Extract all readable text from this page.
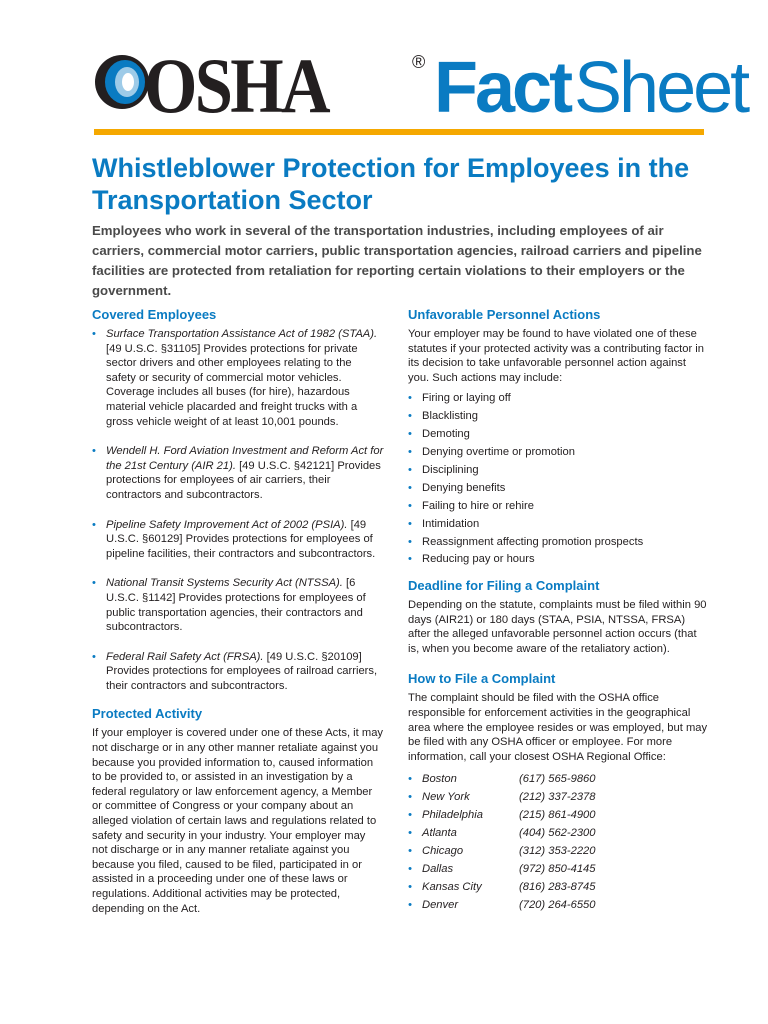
OSHA	® Fact Sheet
Whistleblower Protection for Employees in the Transportation Sector
Employees who work in several of the transportation industries, including employees of air carriers, commercial motor carriers, public transportation agencies, railroad carriers and pipeline facilities are protected from retaliation for reporting certain violations to their employers or the government.
Covered Employees
• Surface Transportation Assistance Act of 1982 (STAA). [49 U.S.C. §31105] Provides protections for private sector drivers and other employees relating to the safety or security of commercial motor vehicles. Coverage includes all buses (for hire), hazardous material vehicle placarded and freight trucks with a gross vehicle weight of at least 10,001 pounds.
• Wendell H. Ford Aviation Investment and Reform Act for the 21st Century (AIR 21). [49 U.S.C. §42121] Provides protections for employees of air carriers, their contractors and subcontractors.
• Pipeline Safety Improvement Act of 2002 (PSIA). [49 U.S.C. §60129] Provides protections for employees of pipeline facilities, their contractors and subcontractors.
• National Transit Systems Security Act (NTSSA). [6 U.S.C. §1142] Provides protections for employees of public transportation agencies, their contractors and subcontractors.
• Federal Rail Safety Act (FRSA). [49 U.S.C. §20109] Provides protections for employees of railroad carriers, their contractors and subcontractors.
Protected Activity

If your employer is covered under one of these Acts, it may not discharge or in any other manner retaliate against you because you provided information to, caused information to be provided to, or assisted in an investigation by a federal regulatory or law enforcement agency, a Member or committee of Congress or your company about an alleged violation of certain laws and regulations related to safety and security in your industry. Your employer may not discharge or in any manner retaliate against you because you filed, caused to be filed, participated in or assisted in a proceeding under one of these laws or regulations. Additional activities may be protected, depending on the Act.

Unfavorable Personnel Actions

Your employer may be found to have violated one of these statutes if your protected activity was a contributing factor in its decision to take unfavorable personnel action against you. Such actions may include:

• Firing or laying off
• Blacklisting
• Demoting
• Denying overtime or promotion
• Disciplining
• Denying benefits
• Failing to hire or rehire
• Intimidation
• Reassignment affecting promotion prospects
• Reducing pay or hours
Deadline for Filing a Complaint

Depending on the statute, complaints must be filed within 90 days (AIR21) or 180 days (STAA, PSIA, NTSSA, FRSA) after the alleged unfavorable personnel action occurs (that is, when you become aware of the retaliatory action).

How to File a Complaint

The complaint should be filed with the OSHA office responsible for enforcement activities in the geographical area where the employee resides or was employed, but may be filed with any OSHA officer or employee. For more information, call your closest OSHA Regional Office:

• Boston	(617) 565-9860
• New York	(212) 337-2378
• Philadelphia	(215) 861-4900
• Atlanta	(404) 562-2300
• Chicago	(312) 353-2220
• Dallas	(972) 850-4145
• Kansas City	(816) 283-8745
• Denver	(720) 264-6550
